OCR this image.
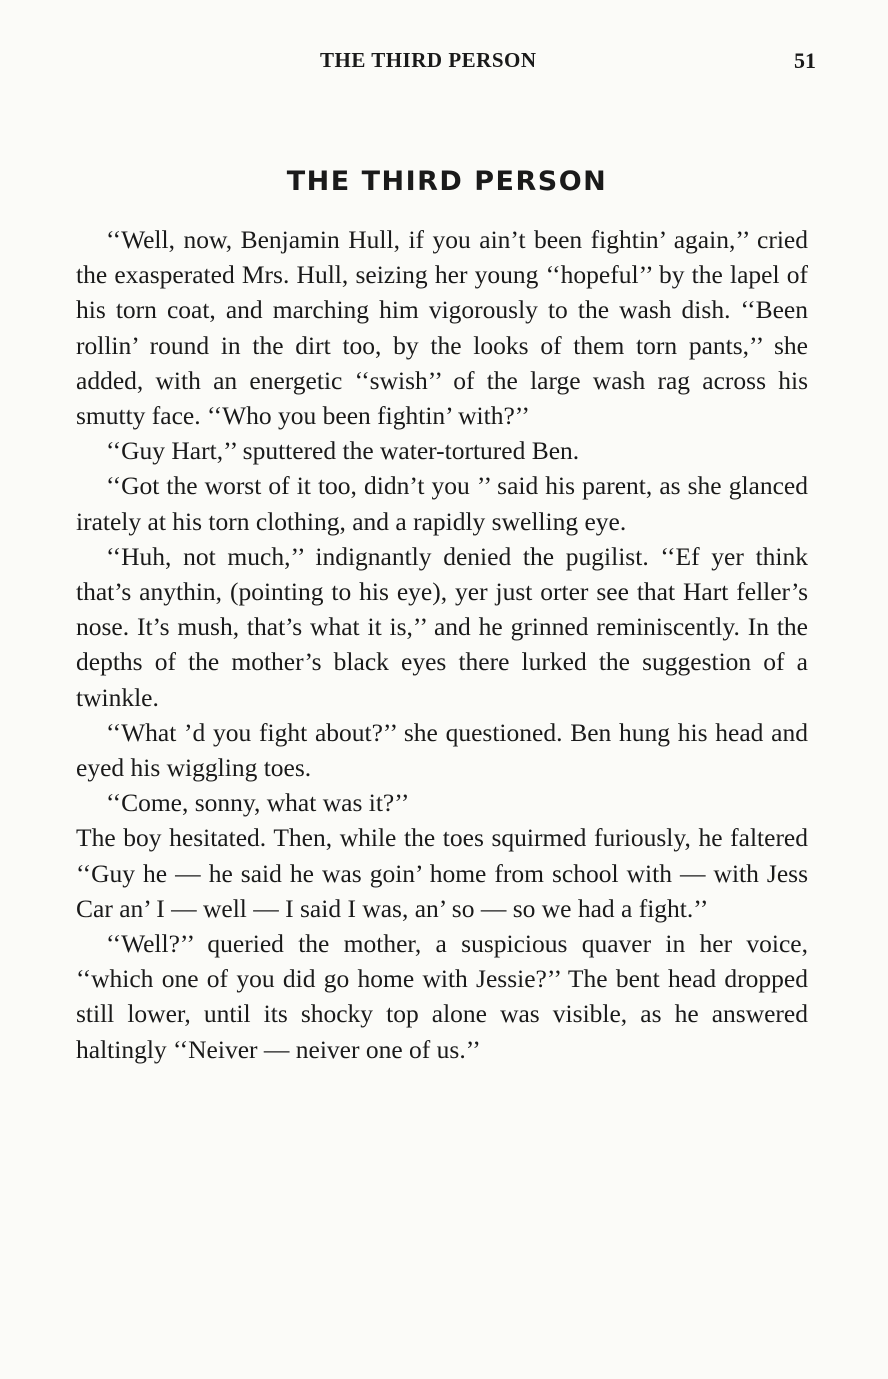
THE THIRD PERSON	51
THE THIRD PERSON

‘‘Well, now, Benjamin Hull, if you ain’t been fightin’ again,’’ cried the exasperated Mrs. Hull, seizing her young ‘‘hopeful’’ by the lapel of his torn coat, and marching him vigorously to the wash dish. ‘‘Been rollin’ round in the dirt too, by the looks of them torn pants,’’ she added, with an energetic ‘‘swish’’ of the large wash rag across his smutty face. ‘‘Who you been fightin’ with?’’

‘‘Guy Hart,’’ sputtered the water-tortured Ben.

‘‘Got the worst of it too, didn’t you ’’ said his parent, as she glanced irately at his torn clothing, and a rapidly swelling eye.

‘‘Huh, not much,’’ indignantly denied the pugilist. ‘‘Ef yer think that’s anythin, (pointing to his eye), yer just orter see that Hart feller’s nose. It’s mush, that’s what it is,’’ and he grinned reminiscently. In the depths of the mother’s black eyes there lurked the suggestion of a twinkle.

‘‘What ’d you fight about?’’ she questioned. Ben hung his head and eyed his wiggling toes.

‘‘Come, sonny, what was it?’’

The boy hesitated. Then, while the toes squirmed furiously, he faltered ‘‘Guy he — he said he was goin’ home from school with — with Jess Car an’ I — well — I said I was, an’ so — so we had a fight.’’

‘‘Well?’’ queried the mother, a suspicious quaver in her voice, ‘‘which one of you did go home with Jessie?’’ The bent head dropped still lower, until its shocky top alone was visible, as he answered haltingly ‘‘Neiver — neiver one of us.’’
